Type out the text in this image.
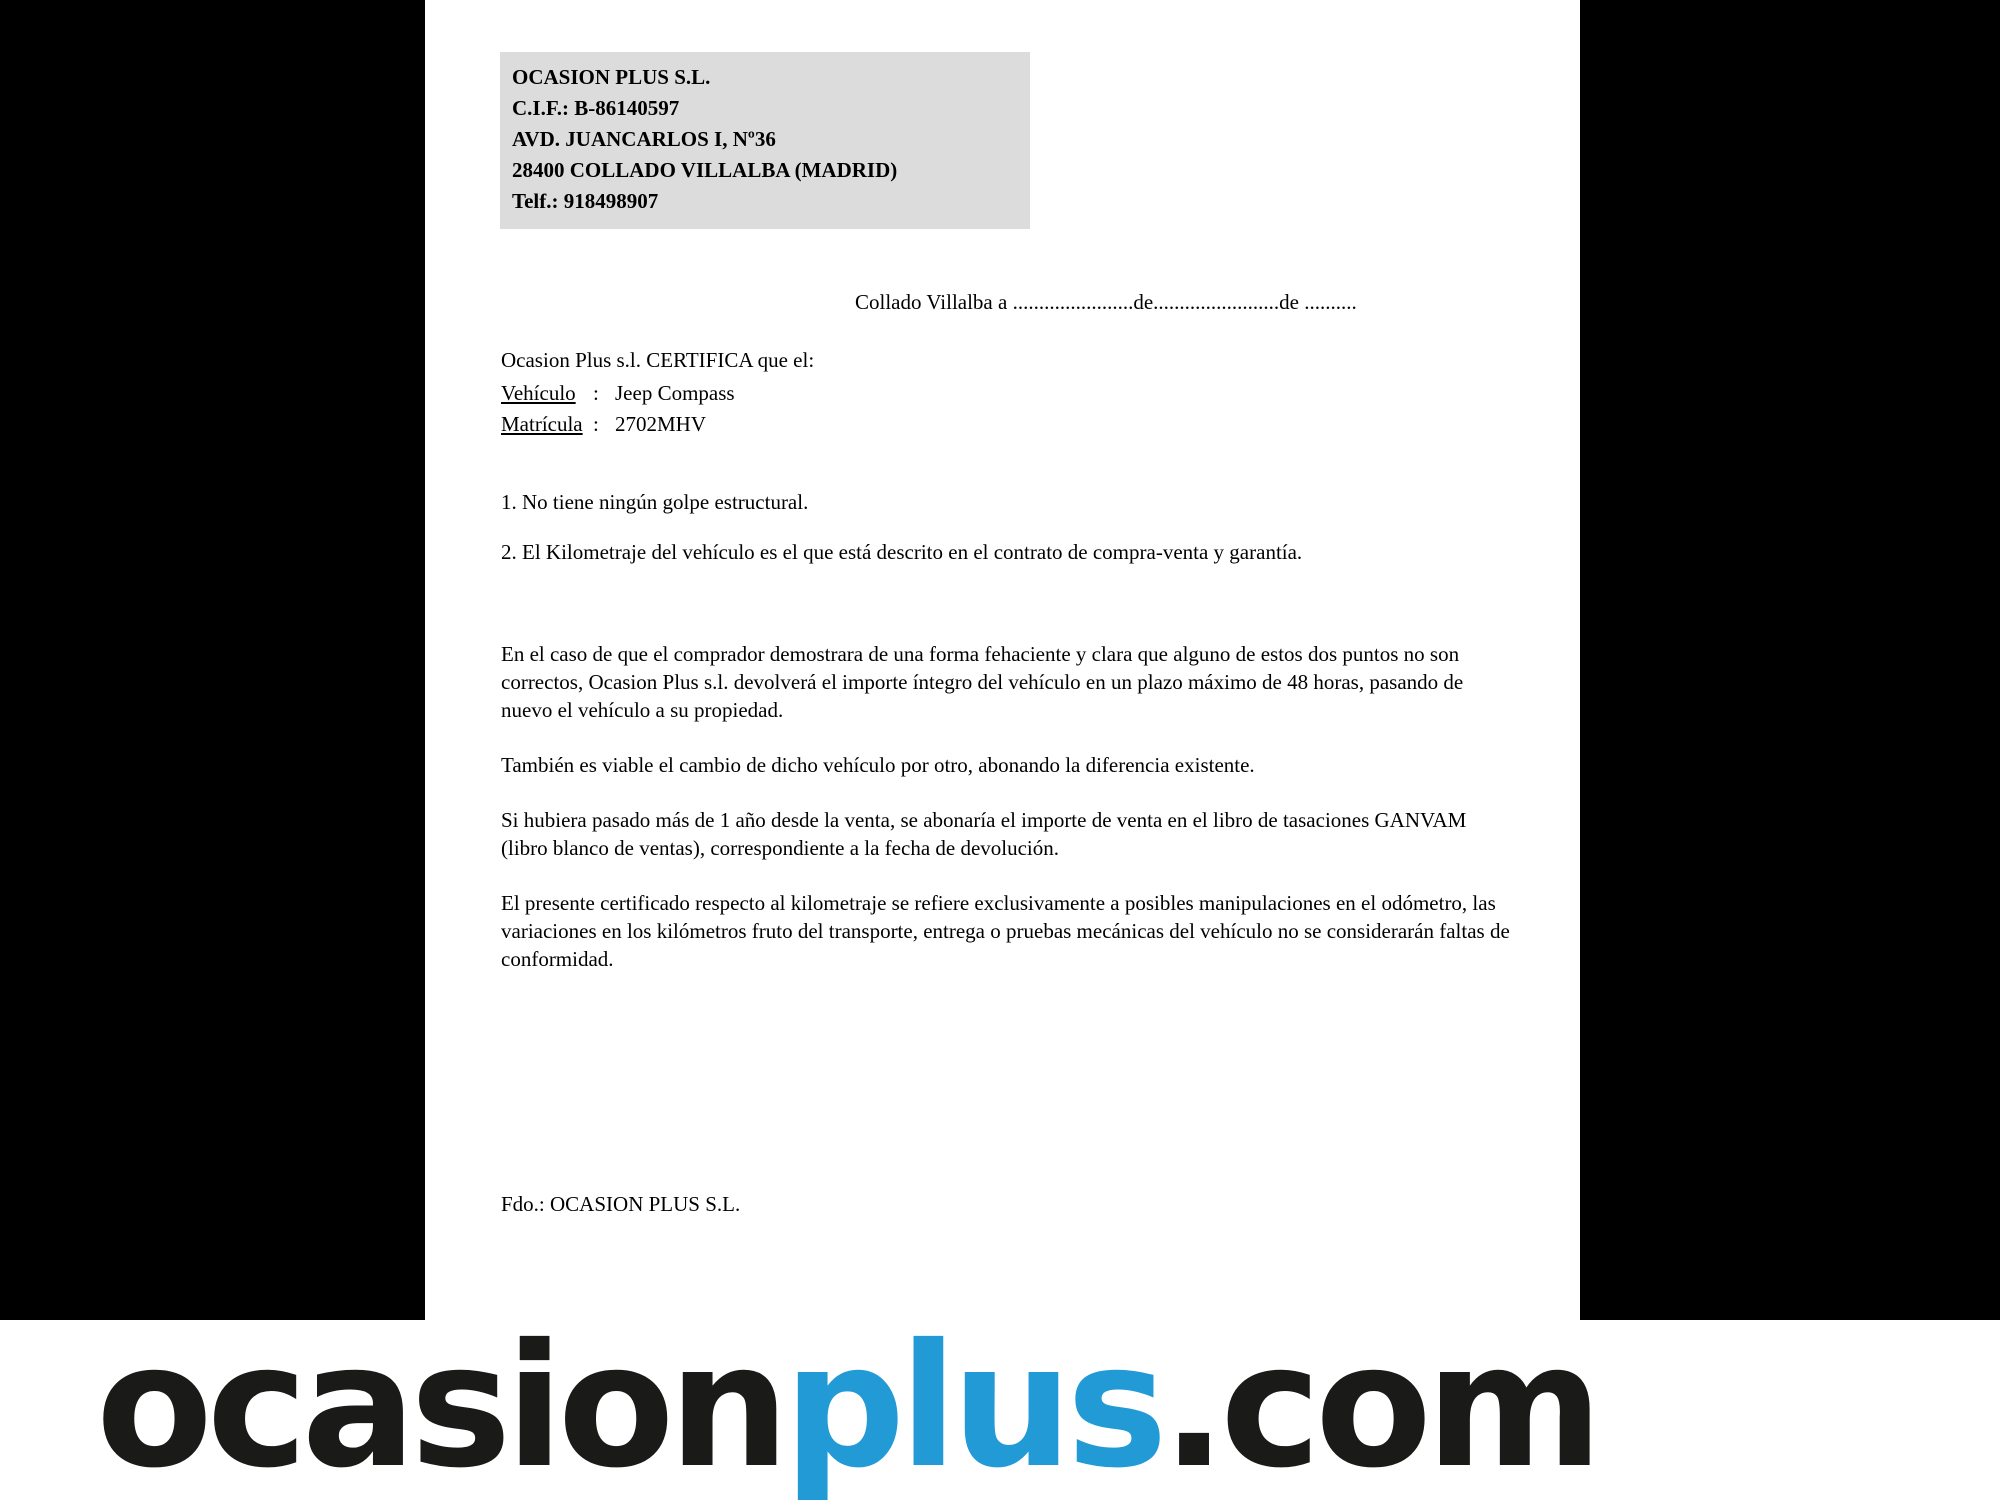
OCASION PLUS S.L.
C.I.F.: B-86140597
AVD. JUANCARLOS I, Nº36
28400 COLLADO VILLALBA (MADRID)
Telf.: 918498907
Collado Villalba a .......................de........................de ..........
Ocasion Plus s.l. CERTIFICA que el:
Vehículo : Jeep Compass
Matrícula : 2702MHV

1. No tiene ningún golpe estructural.

2. El Kilometraje del vehículo es el que está descrito en el contrato de compra-venta y garantía.

En el caso de que el comprador demostrara de una forma fehaciente y clara que alguno de estos dos puntos no son correctos, Ocasion Plus s.l. devolverá el importe íntegro del vehículo en un plazo máximo de 48 horas, pasando de nuevo el vehículo a su propiedad.

También es viable el cambio de dicho vehículo por otro, abonando la diferencia existente.

Si hubiera pasado más de 1 año desde la venta, se abonaría el importe de venta en el libro de tasaciones GANVAM (libro blanco de ventas), correspondiente a la fecha de devolución.

El presente certificado respecto al kilometraje se refiere exclusivamente a posibles manipulaciones en el odómetro, las variaciones en los kilómetros fruto del transporte, entrega o pruebas mecánicas del vehículo no se considerarán faltas de conformidad.

Fdo.: OCASION PLUS S.L.
ocasionplus.com
